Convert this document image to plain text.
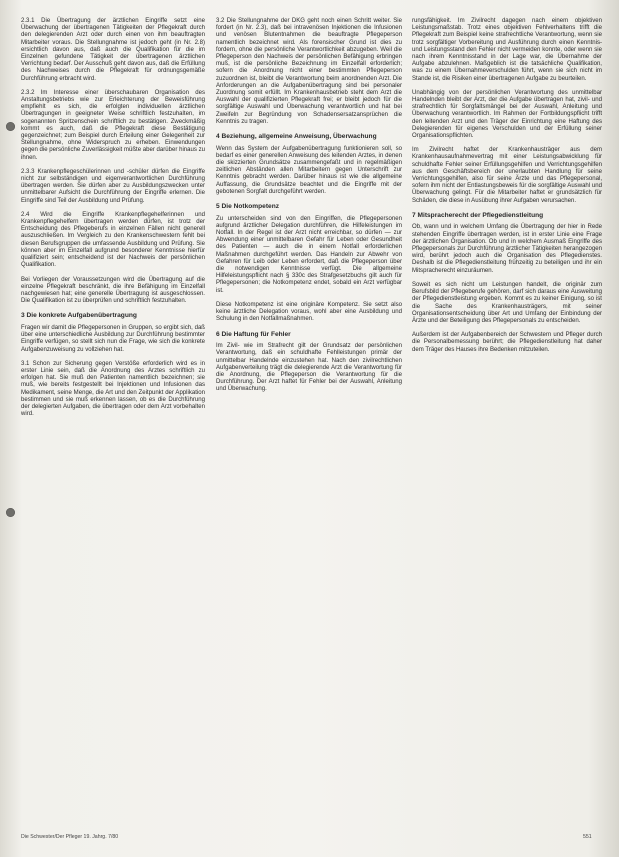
2.3.1 Die Übertragung der ärztlichen Eingriffe setzt eine Überwachung der übertragenen Tätigkeiten der Pflegekraft durch den delegierenden Arzt oder durch einen von ihm beauftragten Mitarbeiter voraus. Die Stellungnahme ist jedoch geht (in Nr. 2.8) ersichtlich davon aus, daß auch die Qualifikation für die im Einzelnen gefundene Tätigkeit der übertragenen ärztlichen Verrichtung bedarf. Der Ausschuß geht davon aus, daß die Erfüllung des Nachweises durch die Pflegekraft für ordnungsgemäße Durchführung erbracht wird.

2.3.2 Im Interesse einer überschaubaren Organisation des Anstaltungsbetriebs wie zur Erleichterung der Beweisführung empfiehlt es sich, die erfolgten individuellen ärztlichen Übertragungen in geeigneter Weise schriftlich festzuhalten, im sogenannten Spritzenschein schriftlich zu bestätigen. Zweckmäßig kommt es auch, daß die Pflegekraft diese Bestätigung gegenzeichnet; zum Beispiel durch Erteilung einer Gelegenheit zur Stellungnahme, ohne Widerspruch zu erheben. Einwendungen gegen die persönliche Zuverlässigkeit müßte aber darüber hinaus zu ihnen.

2.3.3 Krankenpflegeschülerinnen und -schüler dürfen die Eingriffe nicht zur selbständigen und eigenverantwortlichen Durchführung übertragen werden. Sie dürfen aber zu Ausbildungszwecken unter unmittelbarer Aufsicht die Durchführung der Eingriffe erlernen. Die Eingriffe sind Teil der Ausbildung und Prüfung.

2.4 Wird die Eingriffe Krankenpflegehelferinnen und Krankenpflegehelfern übertragen werden dürfen, ist trotz der Entscheidung des Pflegeberufs in einzelnen Fällen nicht generell auszuschließen. Im Vergleich zu den Krankenschwestern fehlt bei diesen Berufsgruppen die umfassende Ausbildung und Prüfung. Sie können aber im Einzelfall aufgrund besonderer Kenntnisse hierfür qualifiziert sein; entscheidend ist der Nachweis der persönlichen Qualifikation.

Bei Vorliegen der Voraussetzungen wird die Übertragung auf die einzelne Pflegekraft beschränkt, die ihre Befähigung im Einzelfall nachgewiesen hat; eine generelle Übertragung ist ausgeschlossen. Die Qualifikation ist zu überprüfen und schriftlich festzuhalten.

3 Die konkrete Aufgabenübertragung

Fragen wir damit die Pflegepersonen in Gruppen, so ergibt sich, daß über eine unterschiedliche Ausbildung zur Durchführung bestimmter Eingriffe verfügen, so stellt sich nun die Frage, wie sich die konkrete Aufgabenzuweisung zu vollziehen hat.

3.1 Schon zur Sicherung gegen Verstöße erforderlich wird es in erster Linie sein, daß die Anordnung des Arztes schriftlich zu erfolgen hat. Sie muß den Patienten namentlich bezeichnen; sie muß, wie bereits festgestellt bei Injektionen und Infusionen das Medikament, seine Menge, die Art und den Zeitpunkt der Applikation bestimmen und sie muß erkennen lassen, ob es die Durchführung der delegierten Aufgaben, die übertragen oder dem Arzt vorbehalten wird.

3.2 Die Stellungnahme der DKG geht noch einen Schritt weiter. Sie fordert (in Nr. 2.3), daß bei intravenösen Injektionen die Infusionen und venösen Blutentnahmen die beauftragte Pflegeperson namentlich bezeichnet wird. Als forensischer Grund ist dies zu fordern, ohne die persönliche Verantwortlichkeit abzugeben. Weil die Pflegeperson den Nachweis der persönlichen Befähigung erbringen muß, ist die persönliche Bezeichnung im Einzelfall erforderlich; sofern die Anordnung nicht einer bestimmten Pflegeperson zuzuordnen ist, bleibt die Verantwortung beim anordnenden Arzt. Die Anforderungen an die Aufgabenübertragung sind bei personaler Zuordnung somit erfüllt. Im Krankenhausbetrieb steht dem Arzt die Auswahl der qualifizierten Pflegekraft frei; er bleibt jedoch für die sorgfältige Auswahl und Überwachung verantwortlich und hat bei Zweifeln zur Begründung von Schadensersatzansprüchen die Kenntnis zu tragen.

4 Beziehung, allgemeine Anweisung, Überwachung

Wenn das System der Aufgabenübertragung funktionieren soll, so bedarf es einer generellen Anweisung des leitenden Arztes, in denen die skizzierten Grundsätze zusammengefaßt und in regelmäßigen zeitlichen Abständen allen Mitarbeitern gegen Unterschrift zur Kenntnis gebracht werden. Darüber hinaus ist wie die allgemeine Auffassung, die Grundsätze beachtet und die Eingriffe mit der gebotenen Sorgfalt durchgeführt werden.

5 Die Notkompetenz

Zu unterscheiden sind von den Eingriffen, die Pflegepersonen aufgrund ärztlicher Delegation durchführen, die Hilfeleistungen im Notfall. In der Regel ist der Arzt nicht erreichbar, so dürfen — zur Abwendung einer unmittelbaren Gefahr für Leben oder Gesundheit des Patienten — auch die in einem Notfall erforderlichen Maßnahmen durchgeführt werden. Das Handeln zur Abwehr von Gefahren für Leib oder Leben erfordert, daß die Pflegeperson über die notwendigen Kenntnisse verfügt. Die allgemeine Hilfeleistungspflicht nach § 330c des Strafgesetzbuchs gilt auch für Pflegepersonen; die Notkompetenz endet, sobald ein Arzt verfügbar ist.

Diese Notkompetenz ist eine originäre Kompetenz. Sie setzt also keine ärztliche Delegation voraus, wohl aber eine Ausbildung und Schulung in den Notfallmaßnahmen.

6 Die Haftung für Fehler

Im Zivil- wie im Strafrecht gilt der Grundsatz der persönlichen Verantwortung, daß ein schuldhafte Fehlleistungen primär der unmittelbar Handelnde einzustehen hat. Nach den zivilrechtlichen Aufgabenverteilung trägt die delegierende Arzt die Verantwortung für die Anordnung, die Pflegeperson die Verantwortung für die Durchführung. Der Arzt haftet für Fehler bei der Auswahl, Anleitung und Überwachung.

rungsfähigkeit. Im Zivilrecht dagegen nach einem objektiven Leistungsmaßstab. Trotz eines objektiven Fehlverhaltens trifft die Pflegekraft zum Beispiel keine strafrechtliche Verantwortung, wenn sie trotz sorgfältiger Vorbereitung und Ausführung durch einen Kenntnis- und Leistungsstand den Fehler nicht vermeiden konnte, oder wenn sie nach ihrem Kenntnisstand in der Lage war, die Übernahme der Aufgabe abzulehnen. Maßgeblich ist die tatsächliche Qualifikation, was zu einem Übernahmeverschulden führt, wenn sie sich nicht im Stande ist, die Risiken einer übertragenen Aufgabe zu beurteilen.

Unabhängig von der persönlichen Verantwortung des unmittelbar Handelnden bleibt der Arzt, der die Aufgabe übertragen hat, zivil- und strafrechtlich für Sorgfaltsmängel bei der Auswahl, Anleitung und Überwachung verantwortlich. Im Rahmen der Fortbildungspflicht trifft den leitenden Arzt und den Träger der Einrichtung eine Haftung des Delegierenden für eigenes Verschulden und der Erfüllung seiner Organisationspflichten.

Im Zivilrecht haftet der Krankenhausträger aus dem Krankenhausaufnahmevertrag mit einer Leistungsabwicklung für schuldhafte Fehler seiner Erfüllungsgehilfen und Verrichtungsgehilfen aus dem Geschäftsbereich der unerlaubten Handlung für seine Verrichtungsgehilfen, also für seine Ärzte und das Pflegepersonal, sofern ihm nicht der Entlastungsbeweis für die sorgfältige Auswahl und Überwachung gelingt. Für die Mitarbeiter haftet er grundsätzlich für Schäden, die diese in Ausübung ihrer Aufgaben verursachen.

7 Mitspracherecht der Pflegedienstleitung

Ob, wann und in welchem Umfang die Übertragung der hier in Rede stehenden Eingriffe übertragen werden, ist in erster Linie eine Frage der ärztlichen Organisation. Ob und in welchem Ausmaß Eingriffe des Pflegepersonals zur Durchführung ärztlicher Tätigkeiten herangezogen wird, berührt jedoch auch die Organisation des Pflegedienstes. Deshalb ist die Pflegedienstleitung frühzeitig zu beteiligen und ihr ein Mitspracherecht einzuräumen.

Soweit es sich nicht um Leistungen handelt, die originär zum Berufsbild der Pflegeberufe gehören, darf sich daraus eine Ausweitung der Pflegedienstleistung ergeben. Kommt es zu keiner Einigung, so ist die Sache des Krankenhausträgers, mit seiner Organisationsentscheidung über Art und Umfang der Einbindung der Ärzte und der Beteiligung des Pflegepersonals zu entscheiden.

Außerdem ist der Aufgabenbereich der Schwestern und Pfleger durch die Personalbemessung berührt; die Pflegedienstleitung hat daher dem Träger des Hauses ihre Bedenken mitzuteilen.

Die Schwester/Der Pfleger 19. Jahrg. 7/80	551
